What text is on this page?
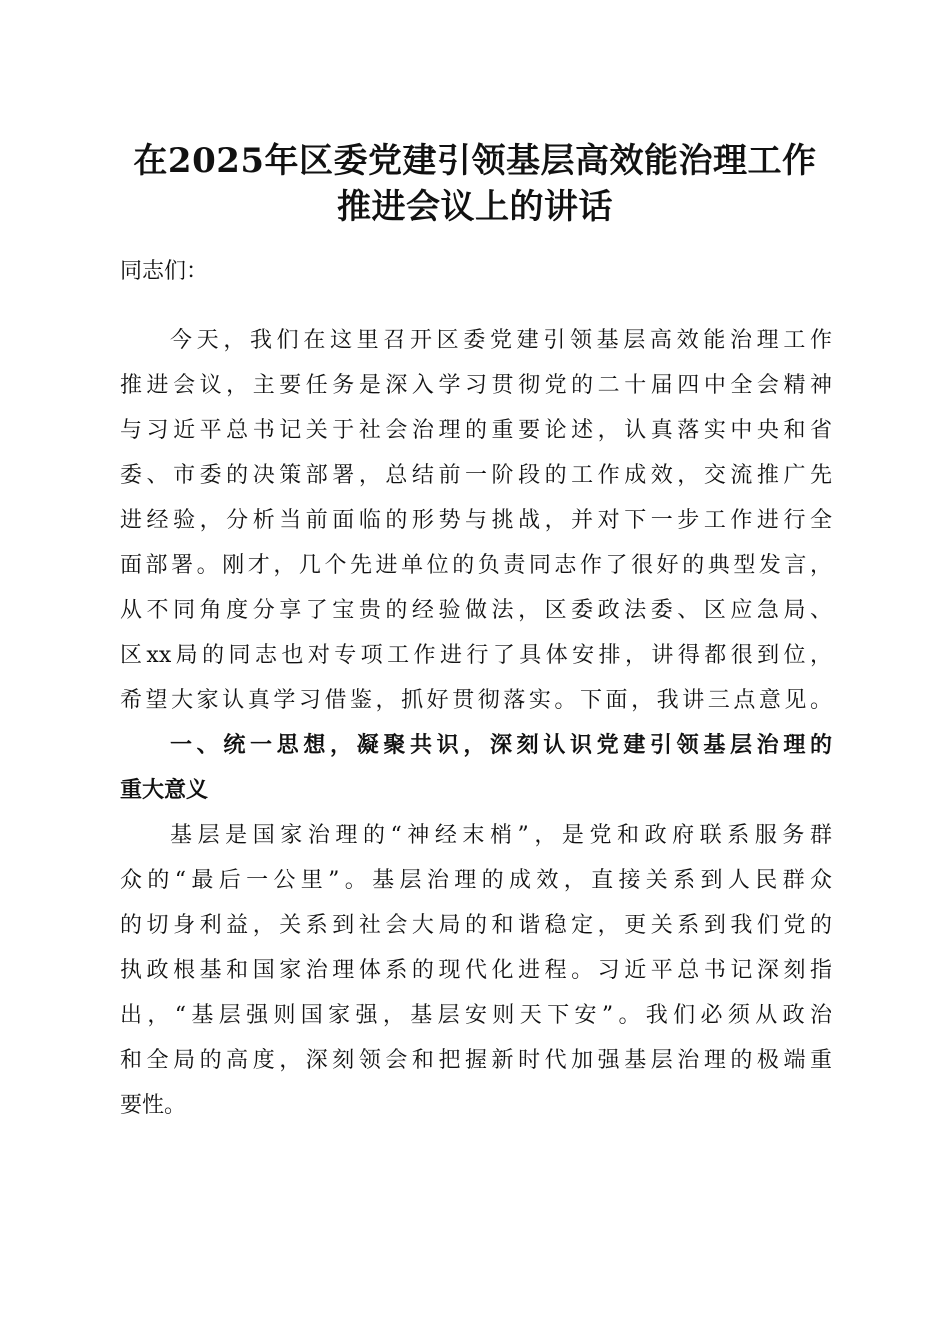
在2025年区委党建引领基层高效能治理工作
推进会议上的讲话
同志们：
今天，我们在这里召开区委党建引领基层高效能治理工作
推进会议，主要任务是深入学习贯彻党的二十届四中全会精神
与习近平总书记关于社会治理的重要论述，认真落实中央和省
委、市委的决策部署，总结前一阶段的工作成效，交流推广先
进经验，分析当前面临的形势与挑战，并对下一步工作进行全
面部署。刚才，几个先进单位的负责同志作了很好的典型发言，
从不同角度分享了宝贵的经验做法，区委政法委、区应急局、
区xx局的同志也对专项工作进行了具体安排，讲得都很到位，
希望大家认真学习借鉴，抓好贯彻落实。下面，我讲三点意见。
一、统一思想，凝聚共识，深刻认识党建引领基层治理的
重大意义
基层是国家治理的“神经末梢”，是党和政府联系服务群
众的“最后一公里”。基层治理的成效，直接关系到人民群众
的切身利益，关系到社会大局的和谐稳定，更关系到我们党的
执政根基和国家治理体系的现代化进程。习近平总书记深刻指
出，“基层强则国家强，基层安则天下安”。我们必须从政治
和全局的高度，深刻领会和把握新时代加强基层治理的极端重
要性。
